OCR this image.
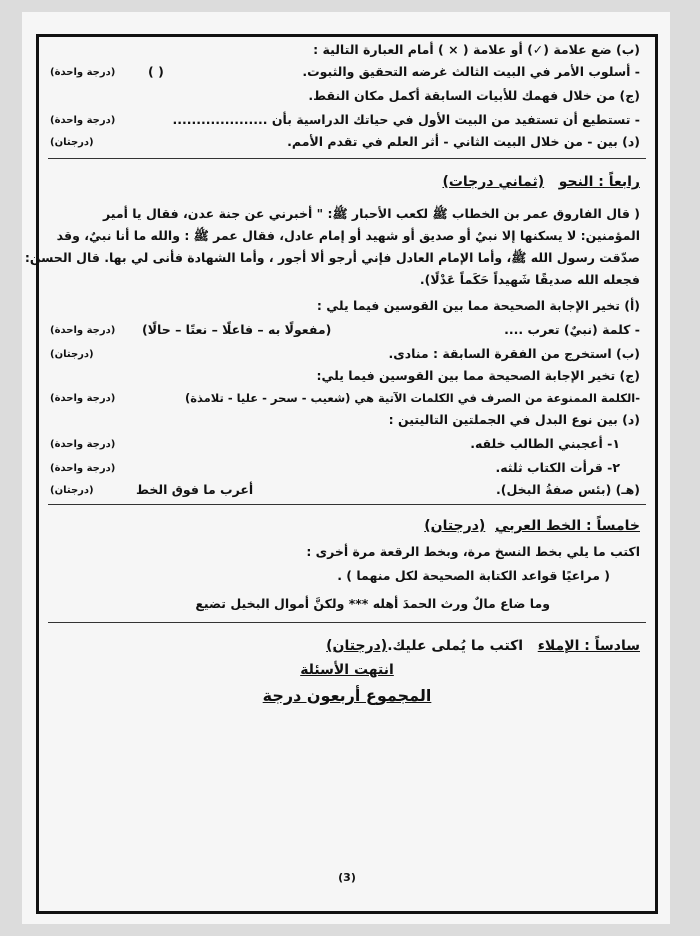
(ب) ضع علامة (✓) أو علامة ( × ) أمام العبارة التالية :
- أسلوب الأمر في البيت الثالث غرضه التحقيق والثبوت.
( )
(درجة واحدة)
(ج) من خلال فهمك للأبيات السابقة أكمل مكان النقط.
- تستطيع أن تستفيد من البيت الأول في حياتك الدراسية بأن ....................
(درجة واحدة)
(د) بين - من خلال البيت الثاني - أثر العلم في تقدم الأمم.
(درجتان)
رابعاً : النحو   (ثماني درجات)
( قال الفاروق عمر بن الخطاب ﷺ لكعب الأحبار ﷺ: " أخبرني عن جنة عدن، فقال يا أمير
المؤمنين: لا يسكنها إلا نبيٌ أو صديق أو شهيد أو إمام عادل، فقال عمر ﷺ : والله ما أنا نبيٌ، وقد
صدّقت رسول الله ﷺ، وأما الإمام العادل فإني أرجو ألا أجور ، وأما الشهادة فأنى لي بها. قال الحسن:
فجعله الله صديقًا شَهيداً حَكَماً عَدْلًا).
(أ) تخير الإجابة الصحيحة مما بين القوسين فيما يلي :
- كلمة (نبيٌ) تعرب ....
(مفعولًا به – فاعلًا – نعتًا – حالًا)
(درجة واحدة)
(ب) استخرج من الفقرة السابقة : منادى.
(درجتان)
(ج) تخير الإجابة الصحيحة مما بين القوسين فيما يلي:
-الكلمة الممنوعة من الصرف في الكلمات الآتية هي (شعيب - سحر - عليا - تلامذة)
(درجة واحدة)
(د) بين نوع البدل في الجملتين التاليتين :
١- أعجبني الطالب خلقه.
(درجة واحدة)
٢- قرأت الكتاب ثلثه.
(درجة واحدة)
(هـ) (بئس صفةُ البخل).
أعرب ما فوق الخط
(درجتان)
خامساً : الخط العربي  (درجتان)
اكتب ما يلي بخط النسخ مرة، وبخط الرقعة مرة أخرى :
( مراعيًا قواعد الكتابة الصحيحة لكل منهما ) .
وما ضاع مالٌ ورث الحمدَ أهله *** ولكنَّ أموال البخيل تضيع
سادساً : الإملاء   اكتب ما يُملى عليك.(درجتان)
انتهت الأسئلة
المجموع أربعون درجة
(3)
